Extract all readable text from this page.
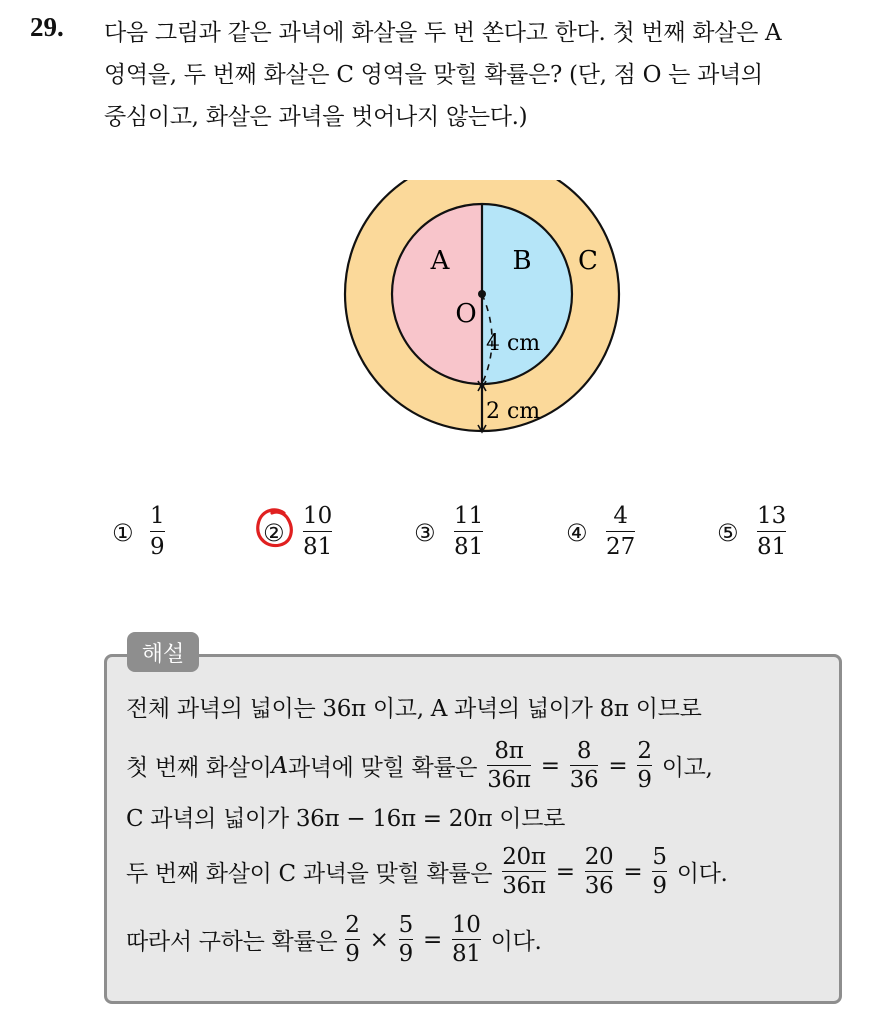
29. 다음 그림과 같은 과녁에 화살을 두 번 쏜다고 한다. 첫 번째 화살은 A
영역을, 두 번째 화살은 C 영역을 맞힐 확률은? (단, 점 O 는 과녁의
중심이고, 화살은 과녁을 벗어나지 않는다.)
A B C
O
4 cm
2 cm
①
1
9
②
10
81
③
11
81
④
4
27
⑤
13
81
해설
전체 과녁의 넓이는 36π 이고, A 과녁의 넓이가 8π 이므로
첫 번째 화살이 A 과녁에 맞힐 확률은
8π
36π
=
8
36
=
2
9 이고,
C 과녁의 넓이가 36π − 16π = 20π 이므로
두 번째 화살이 C 과녁을 맞힐 확률은
20π
36π
=
20
36
=
5
9 이다.
따라서 구하는 확률은
2
9
×
5
9
=
10
81 이다.
